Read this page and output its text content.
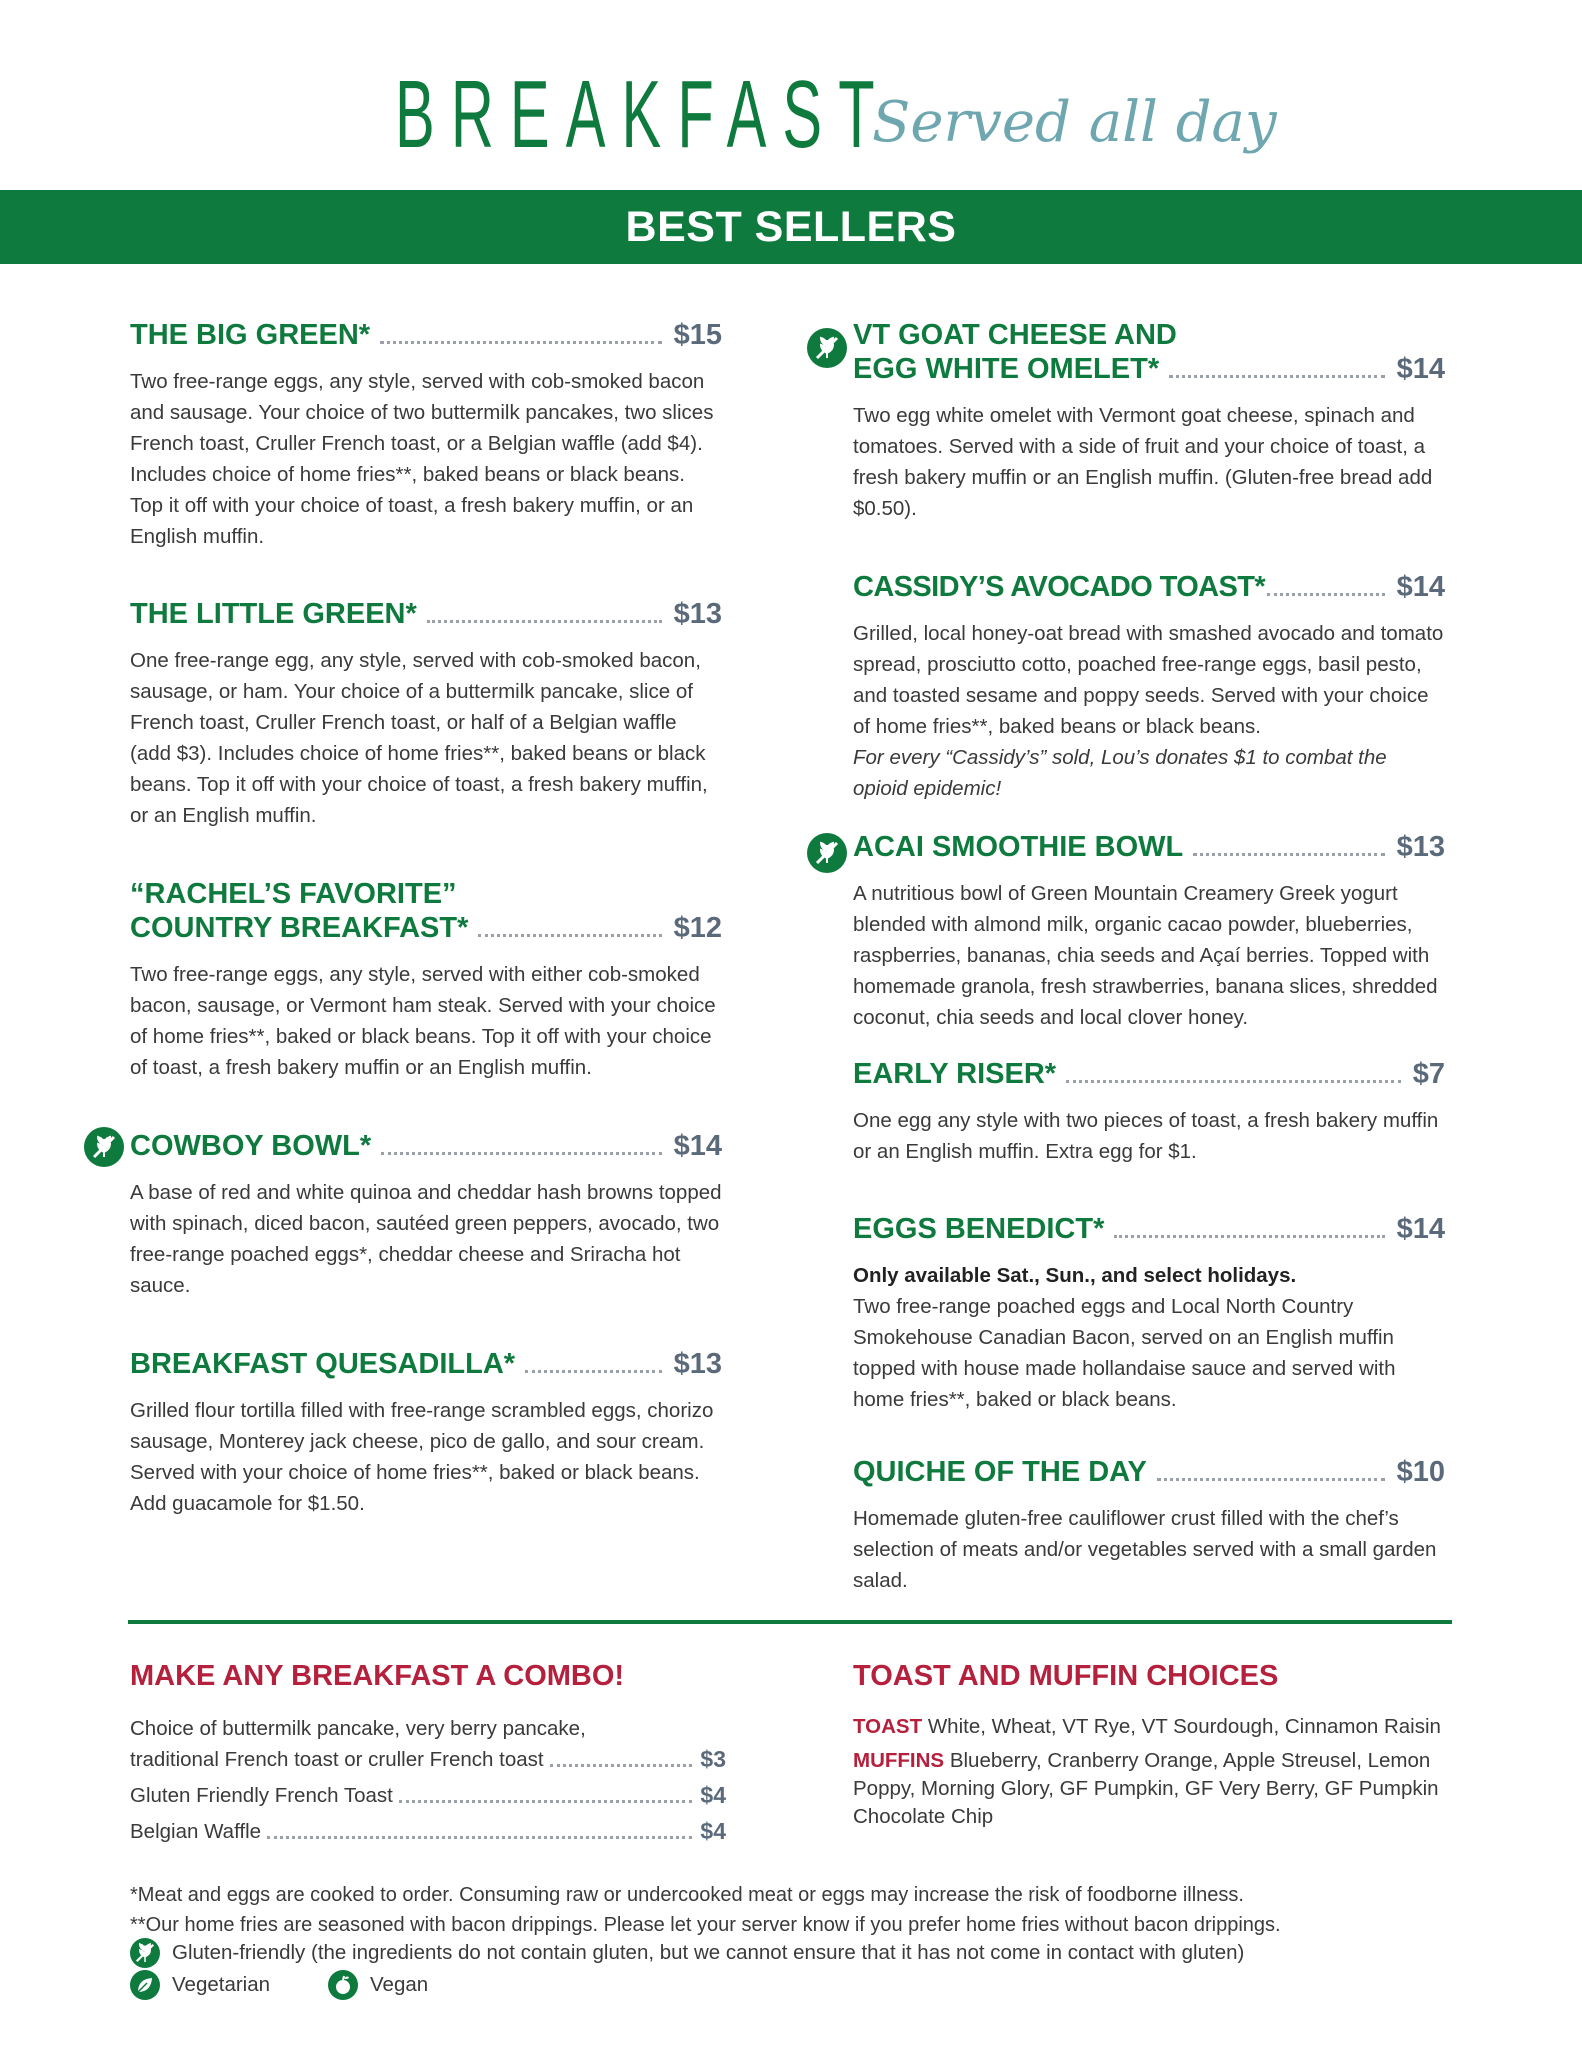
BREAKFAST
Served all day
BEST SELLERS
THE BIG GREEN*	$15
Two free-range eggs, any style, served with cob-smoked bacon and sausage. Your choice of two buttermilk pancakes, two slices French toast, Cruller French toast, or a Belgian waffle (add $4). Includes choice of home fries**, baked beans or black beans. Top it off with your choice of toast, a fresh bakery muffin, or an English muffin.
THE LITTLE GREEN*	$13
One free-range egg, any style, served with cob-smoked bacon, sausage, or ham. Your choice of a buttermilk pancake, slice of French toast, Cruller French toast, or half of a Belgian waffle (add $3). Includes choice of home fries**, baked beans or black beans. Top it off with your choice of toast, a fresh bakery muffin, or an English muffin.
“RACHEL’S FAVORITE”
COUNTRY BREAKFAST*	$12
Two free-range eggs, any style, served with either cob-smoked bacon, sausage, or Vermont ham steak. Served with your choice of home fries**, baked or black beans. Top it off with your choice of toast, a fresh bakery muffin or an English muffin.
COWBOY BOWL*	$14
A base of red and white quinoa and cheddar hash browns topped with spinach, diced bacon, sautéed green peppers, avocado, two free-range poached eggs*, cheddar cheese and Sriracha hot sauce.
BREAKFAST QUESADILLA*	$13
Grilled flour tortilla filled with free-range scrambled eggs, chorizo sausage, Monterey jack cheese, pico de gallo, and sour cream. Served with your choice of home fries**, baked or black beans. Add guacamole for $1.50.
VT GOAT CHEESE AND
EGG WHITE OMELET*	$14
Two egg white omelet with Vermont goat cheese, spinach and tomatoes. Served with a side of fruit and your choice of toast, a fresh bakery muffin or an English muffin. (Gluten-free bread add $0.50).
CASSIDY’S AVOCADO TOAST*	$14
Grilled, local honey-oat bread with smashed avocado and tomato spread, prosciutto cotto, poached free-range eggs, basil pesto, and toasted sesame and poppy seeds. Served with your choice of home fries**, baked beans or black beans.
For every “Cassidy’s” sold, Lou’s donates $1 to combat the opioid epidemic!
ACAI SMOOTHIE BOWL	$13
A nutritious bowl of Green Mountain Creamery Greek yogurt blended with almond milk, organic cacao powder, blueberries, raspberries, bananas, chia seeds and Açaí berries. Topped with homemade granola, fresh strawberries, banana slices, shredded coconut, chia seeds and local clover honey.
EARLY RISER*	$7
One egg any style with two pieces of toast, a fresh bakery muffin or an English muffin. Extra egg for $1.
EGGS BENEDICT*	$14
Only available Sat., Sun., and select holidays.
Two free-range poached eggs and Local North Country Smokehouse Canadian Bacon, served on an English muffin topped with house made hollandaise sauce and served with home fries**, baked or black beans.
QUICHE OF THE DAY	$10
Homemade gluten-free cauliflower crust filled with the chef’s selection of meats and/or vegetables served with a small garden salad.
MAKE ANY BREAKFAST A COMBO!
Choice of buttermilk pancake, very berry pancake,
traditional French toast or cruller French toast	$3
Gluten Friendly French Toast	$4
Belgian Waffle	$4
TOAST AND MUFFIN CHOICES
TOAST White, Wheat, VT Rye, VT Sourdough, Cinnamon Raisin
MUFFINS Blueberry, Cranberry Orange, Apple Streusel, Lemon Poppy, Morning Glory, GF Pumpkin, GF Very Berry, GF Pumpkin Chocolate Chip
*Meat and eggs are cooked to order. Consuming raw or undercooked meat or eggs may increase the risk of foodborne illness.
**Our home fries are seasoned with bacon drippings. Please let your server know if you prefer home fries without bacon drippings.
Gluten-friendly (the ingredients do not contain gluten, but we cannot ensure that it has not come in contact with gluten)
Vegetarian	Vegan
